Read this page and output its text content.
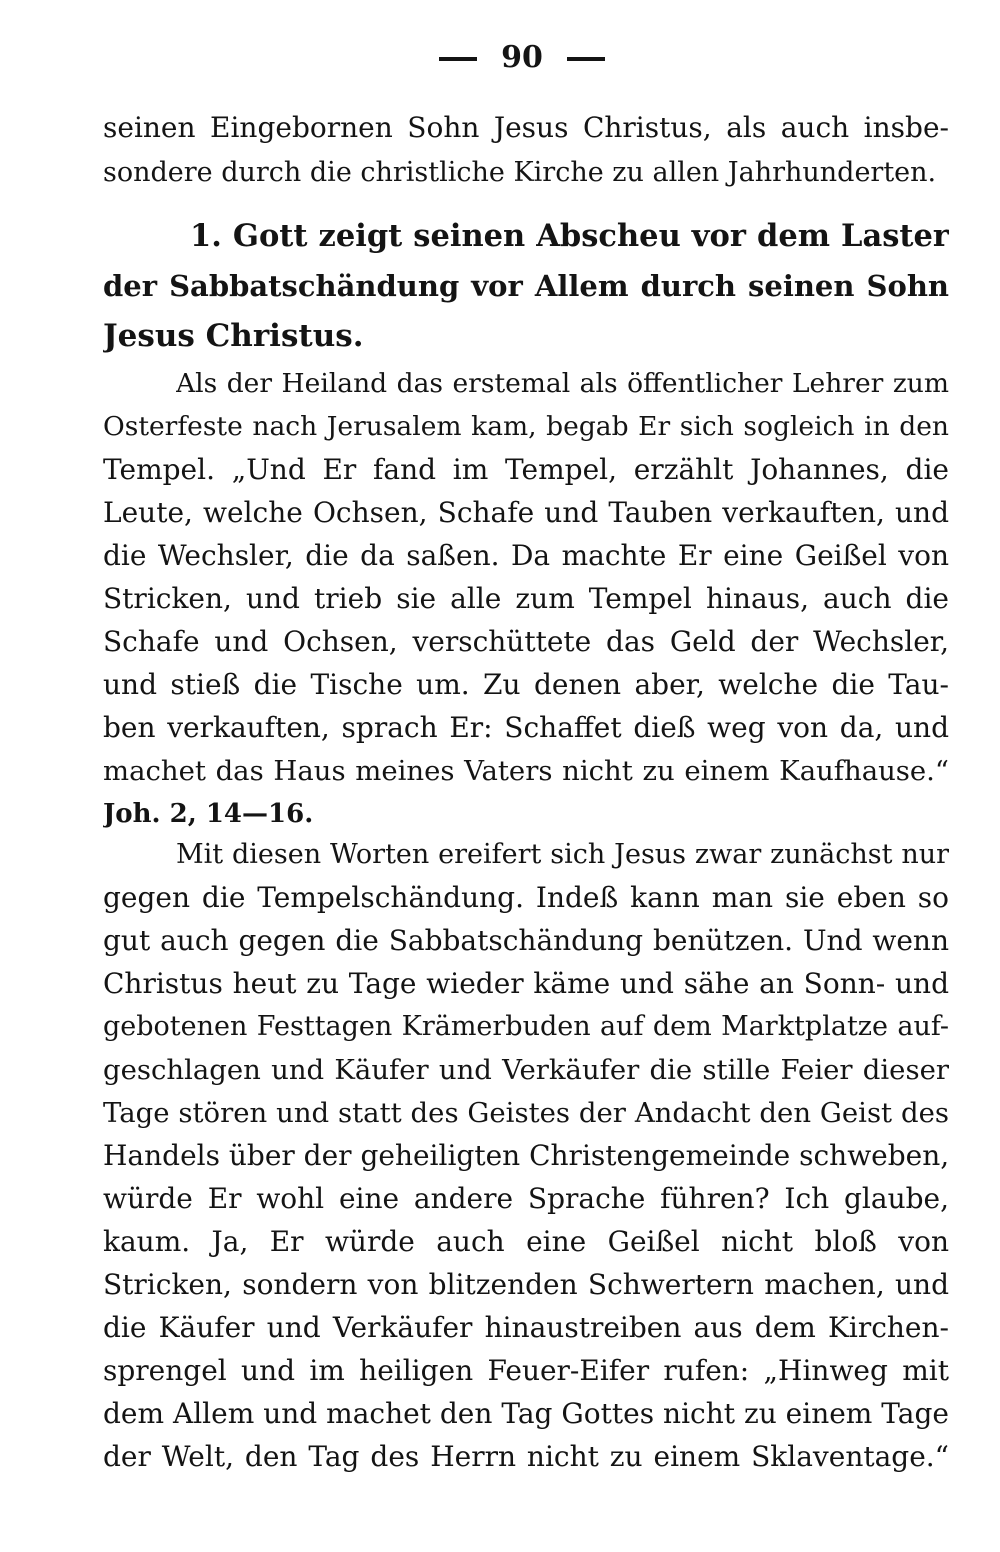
90
seinen Eingebornen Sohn Jesus Christus, als auch insbe-
sondere durch die christliche Kirche zu allen Jahrhunderten.
1. Gott zeigt seinen Abscheu vor dem Laster
der Sabbatschändung vor Allem durch seinen Sohn
Jesus Christus.
Als der Heiland das erstemal als öffentlicher Lehrer zum
Osterfeste nach Jerusalem kam, begab Er sich sogleich in den
Tempel. „Und Er fand im Tempel, erzählt Johannes, die
Leute, welche Ochsen, Schafe und Tauben verkauften, und
die Wechsler, die da saßen. Da machte Er eine Geißel von
Stricken, und trieb sie alle zum Tempel hinaus, auch die
Schafe und Ochsen, verschüttete das Geld der Wechsler,
und stieß die Tische um. Zu denen aber, welche die Tau-
ben verkauften, sprach Er: Schaffet dieß weg von da, und
machet das Haus meines Vaters nicht zu einem Kaufhause.“
Joh. 2, 14—16.
Mit diesen Worten ereifert sich Jesus zwar zunächst nur
gegen die Tempelschändung. Indeß kann man sie eben so
gut auch gegen die Sabbatschändung benützen. Und wenn
Christus heut zu Tage wieder käme und sähe an Sonn- und
gebotenen Festtagen Krämerbuden auf dem Marktplatze auf-
geschlagen und Käufer und Verkäufer die stille Feier dieser
Tage stören und statt des Geistes der Andacht den Geist des
Handels über der geheiligten Christengemeinde schweben,
würde Er wohl eine andere Sprache führen? Ich glaube,
kaum. Ja, Er würde auch eine Geißel nicht bloß von
Stricken, sondern von blitzenden Schwertern machen, und
die Käufer und Verkäufer hinaustreiben aus dem Kirchen-
sprengel und im heiligen Feuer-Eifer rufen: „Hinweg mit
dem Allem und machet den Tag Gottes nicht zu einem Tage
der Welt, den Tag des Herrn nicht zu einem Sklaventage.“
